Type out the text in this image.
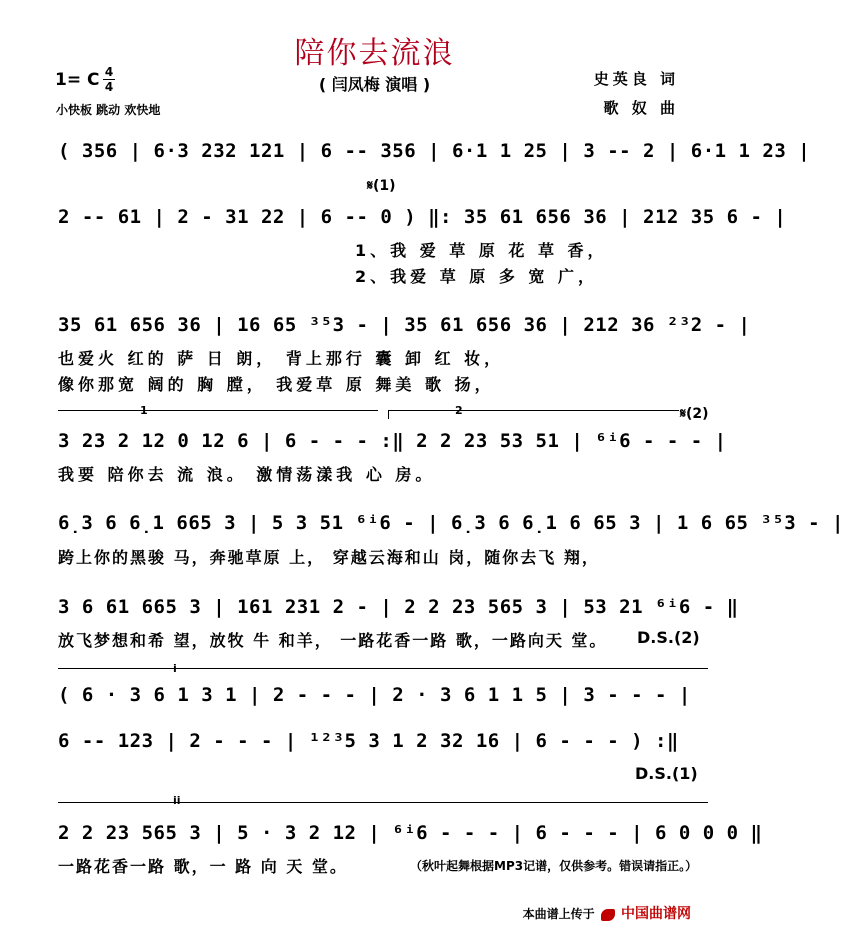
陪你去流浪
( 闫凤梅 演唱 )
1= C 4
4
小快板 跳动 欢快地
史英良 词
歌 奴 曲
( 356 | 6·3 232 121 | 6 -- 356 | 6·1 1 25 | 3 -- 2 | 6·1 1 23 |
𝄋(1)
2 -- 61 | 2 - 31 22 | 6 -- 0 ) ‖: 35 61 656 36 | 212 35 6 - |
1、我 爱 草 原 花 草 香，
2、我爱 草 原 多 宽 广，
35 61 656 36 | 16 65 ³⁵3 - | 35 61 656 36 | 212 36 ²³2 - |
也爱火 红的 萨 日 朗， 背上那行 囊 卸 红 妆，
像你那宽 阔的 胸 膛， 我爱草 原 舞美 歌 扬，
1	2	𝄋(2)
3 23 2 12 0 12 6 | 6 - - - :‖ 2 2 23 53 51 | ⁶ⁱ6 - - - |
我要 陪你去 流 浪。 激情荡漾我 心 房。
6̣3 6 6̣1 665 3 | 5 3 51 ⁶ⁱ6 - | 6̣3 6 6̣1 6 65 3 | 1 6 65 ³⁵3 - |
跨上你的黑骏 马，奔驰草原 上， 穿越云海和山 岗，随你去飞 翔，
3 6 61 665 3 | 161 231 2 - | 2 2 23 565 3 | 53 21 ⁶ⁱ6 - ‖
放飞梦想和希 望，放牧 牛 和羊， 一路花香一路 歌，一路向天 堂。 D.S.(2)
i
( 6 · 3 6 1 3 1 | 2 - - - | 2 · 3 6 1 1 5 | 3 - - - |
6 -- 123 | 2 - - - | ¹²³5 3 1 2 32 16 | 6 - - - ) :‖
D.S.(1)
ii
2 2 23 565 3 | 5 · 3 2 12 | ⁶ⁱ6 - - - | 6 - - - | 6 0 0 0 ‖
一路花香一路 歌，一 路 向 天 堂。	（秋叶起舞根据MP3记谱，仅供参考。错误请指正。）
本曲谱上传于 中国曲谱网
